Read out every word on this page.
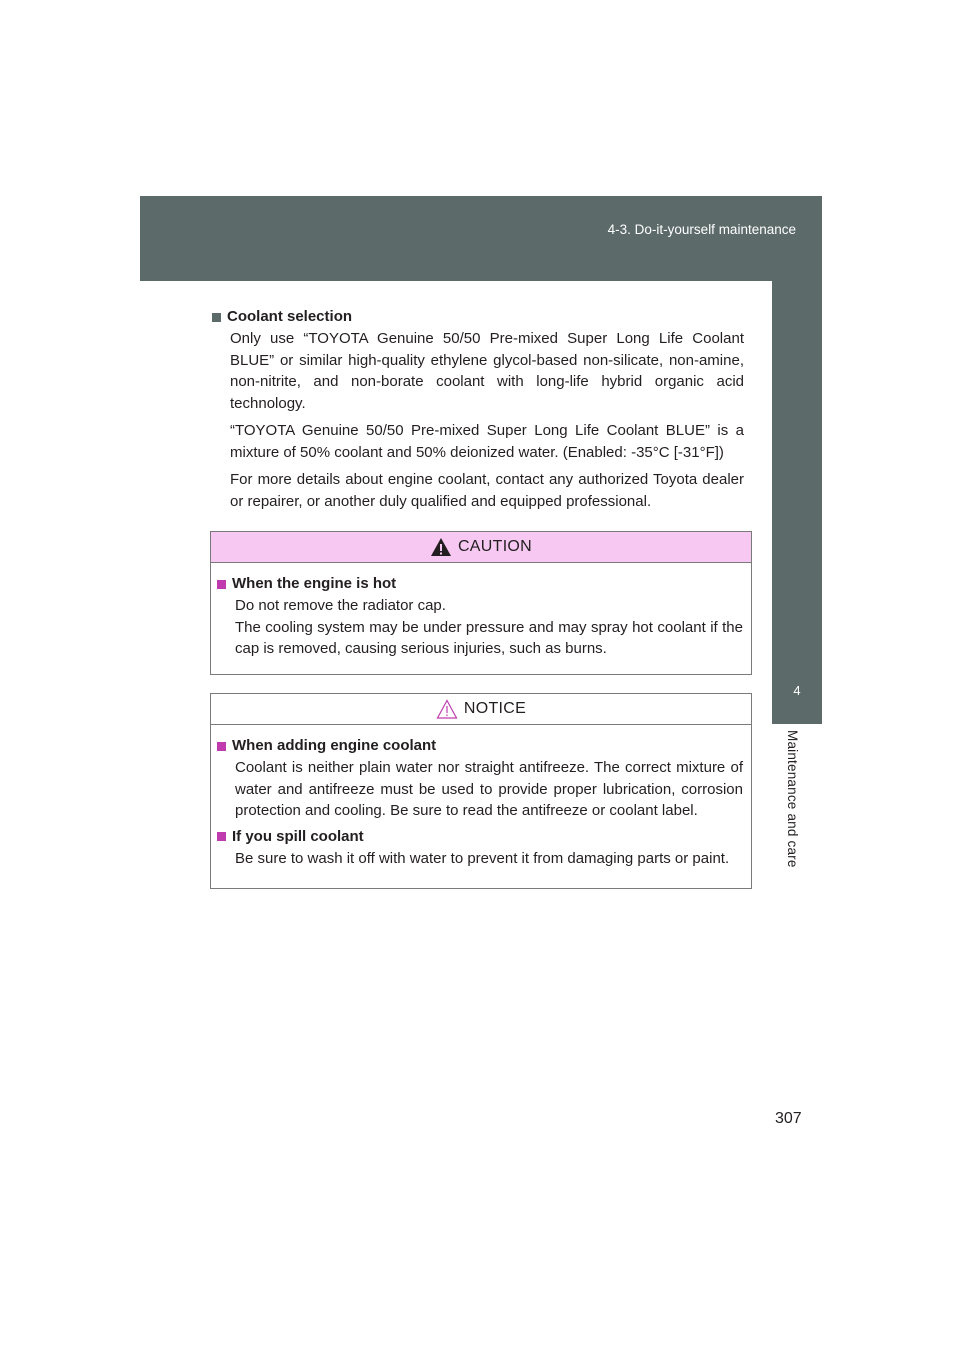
4-3. Do-it-yourself maintenance
4
Maintenance and care
Coolant selection

Only use “TOYOTA Genuine 50/50 Pre-mixed Super Long Life Coolant BLUE” or similar high-quality ethylene glycol-based non-silicate, non-amine, non-nitrite, and non-borate coolant with long-life hybrid organic acid technology.

“TOYOTA Genuine 50/50 Pre-mixed Super Long Life Coolant BLUE” is a mixture of 50% coolant and 50% deionized water. (Enabled: -35°C [-31°F])

For more details about engine coolant, contact any authorized Toyota dealer or repairer, or another duly qualified and equipped professional.

CAUTION
When the engine is hot

Do not remove the radiator cap.

The cooling system may be under pressure and may spray hot coolant if the cap is removed, causing serious injuries, such as burns.

NOTICE
When adding engine coolant

Coolant is neither plain water nor straight antifreeze. The correct mixture of water and antifreeze must be used to provide proper lubrication, corrosion protection and cooling. Be sure to read the antifreeze or coolant label.

If you spill coolant

Be sure to wash it off with water to prevent it from damaging parts or paint.

307
